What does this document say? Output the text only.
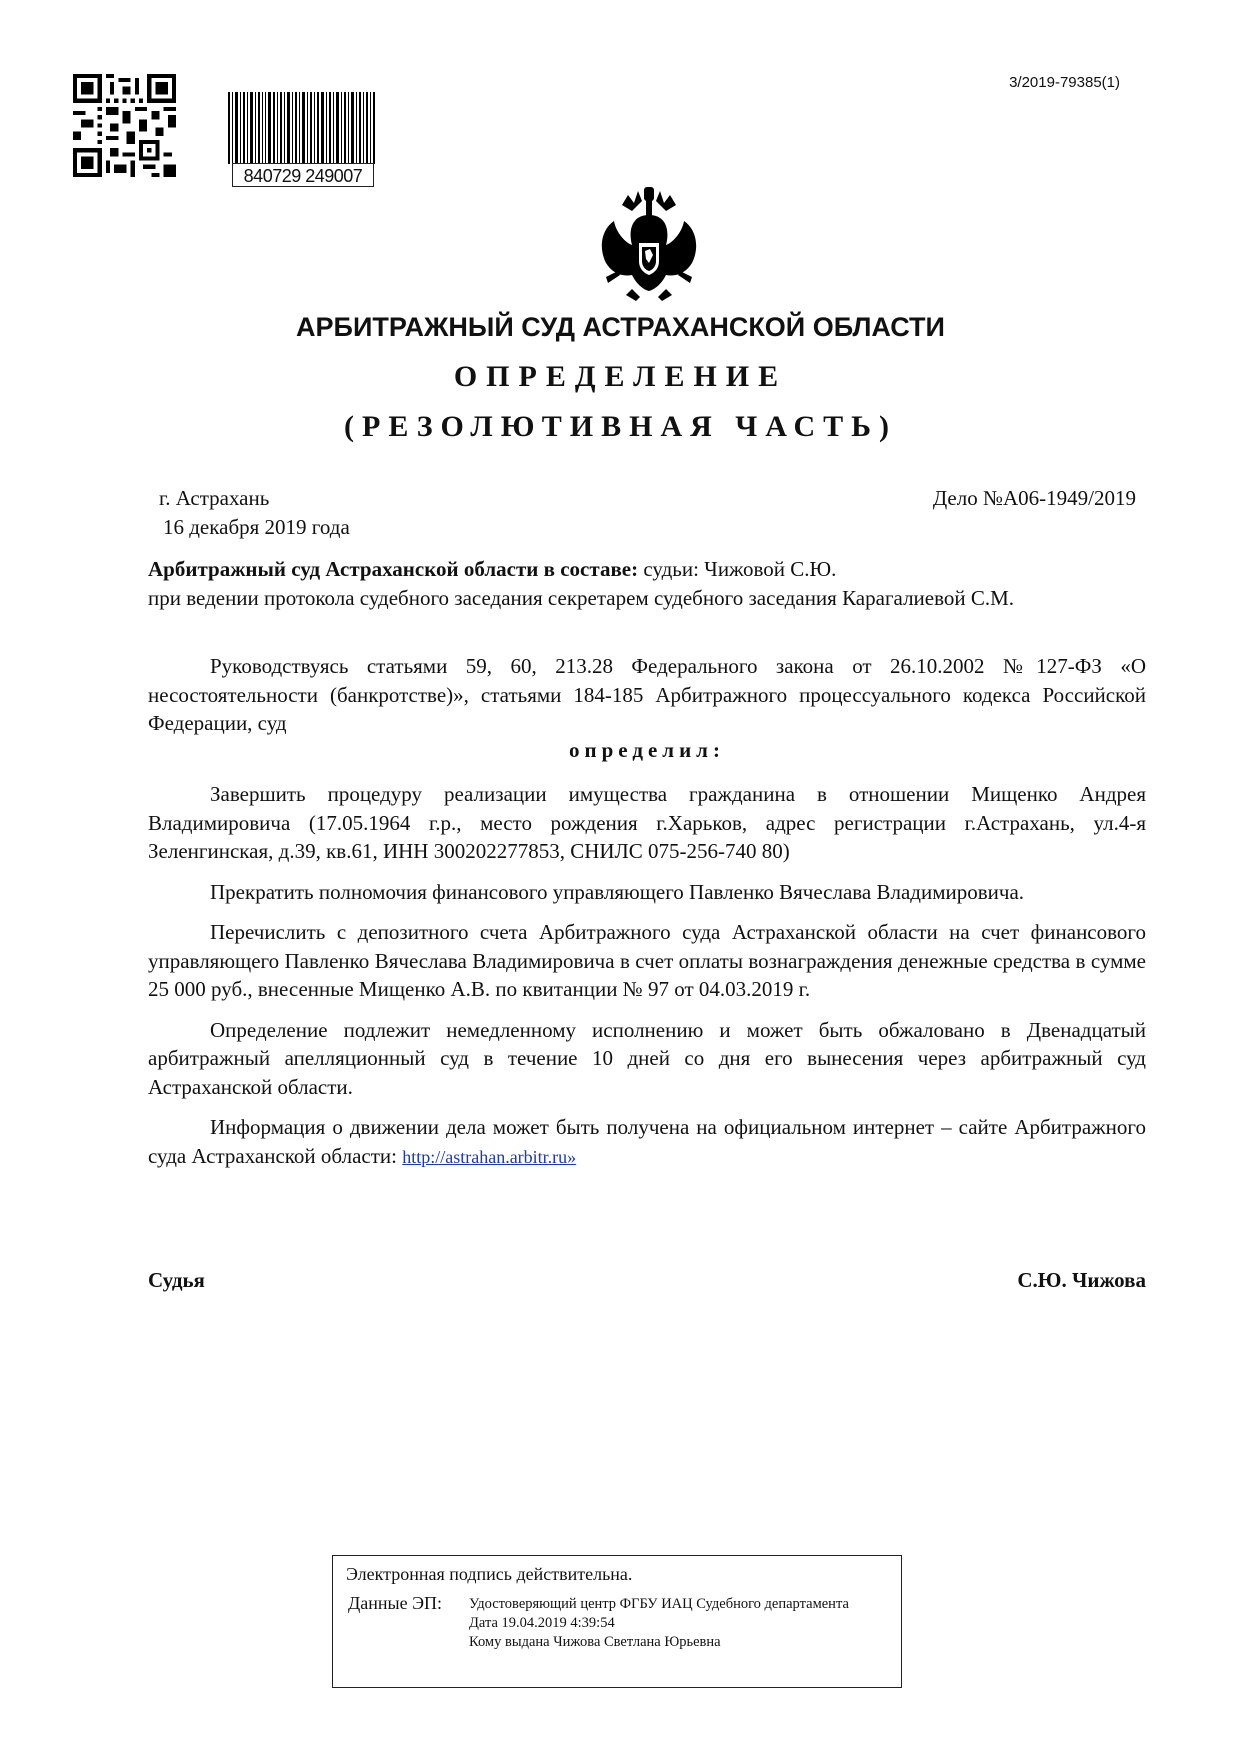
840729 249007
3/2019-79385(1)
АРБИТРАЖНЫЙ СУД АСТРАХАНСКОЙ ОБЛАСТИ
ОПРЕДЕЛЕНИЕ
(РЕЗОЛЮТИВНАЯ ЧАСТЬ)
г. Астрахань
16 декабря 2019 года
Дело №А06-1949/2019
Арбитражный суд Астраханской области в составе: судьи: Чижовой С.Ю.
при ведении протокола судебного заседания секретарем судебного заседания Карагалиевой С.М.

Руководствуясь статьями 59, 60, 213.28 Федерального закона от 26.10.2002 №127-ФЗ «О несостоятельности (банкротстве)», статьями 184-185 Арбитражного процессуального кодекса Российской Федерации, суд

определил:

Завершить процедуру реализации имущества гражданина в отношении Мищенко Андрея Владимировича (17.05.1964 г.р., место рождения г.Харьков, адрес регистрации г.Астрахань, ул.4-я Зеленгинская, д.39, кв.61, ИНН 300202277853, СНИЛС 075-256-740 80)

Прекратить полномочия финансового управляющего Павленко Вячеслава Владимировича.

Перечислить с депозитного счета Арбитражного суда Астраханской области на счет финансового управляющего Павленко Вячеслава Владимировича в счет оплаты вознаграждения денежные средства в сумме 25 000 руб., внесенные Мищенко А.В. по квитанции № 97 от 04.03.2019 г.

Определение подлежит немедленному исполнению и может быть обжаловано в Двенадцатый арбитражный апелляционный суд в течение 10 дней со дня его вынесения через арбитражный суд Астраханской области.

Информация о движении дела может быть получена на официальном интернет – сайте Арбитражного суда Астраханской области: http://astrahan.arbitr.ru»

Судья	С.Ю. Чижова
Электронная подпись действительна.
Данные ЭП: Удостоверяющий центр ФГБУ ИАЦ Судебного департамента
Дата 19.04.2019 4:39:54
Кому выдана Чижова Светлана Юрьевна
